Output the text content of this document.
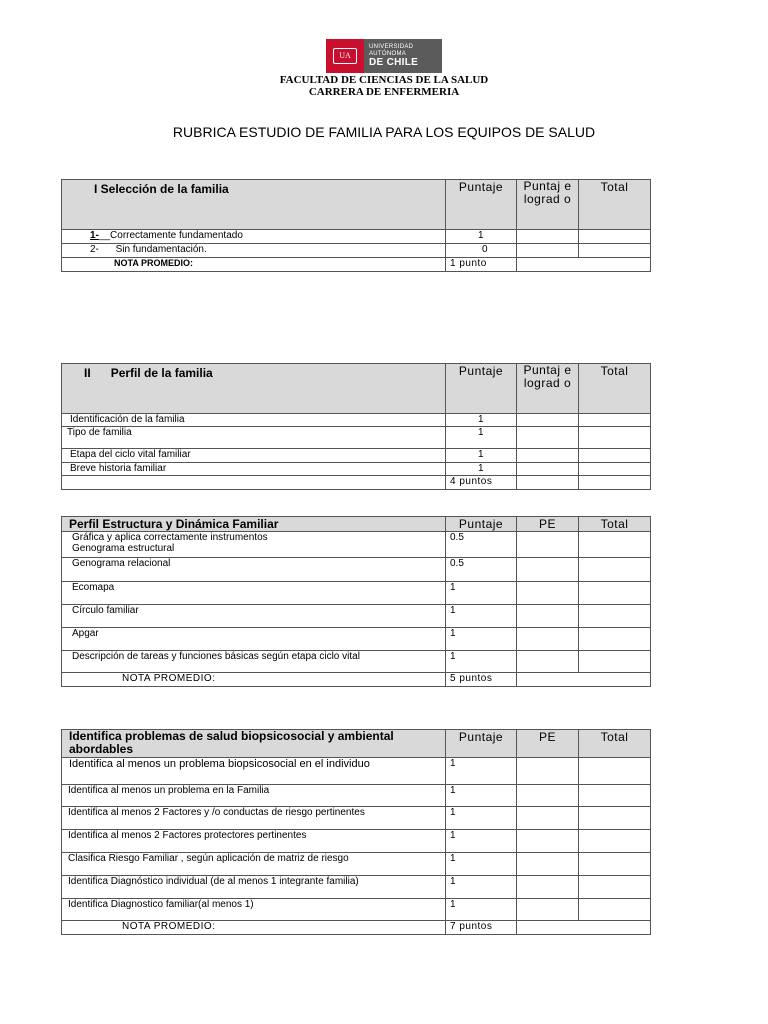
UA
UNIVERSIDAD
AUTÓNOMA
DE CHILE
FACULTAD DE CIENCIAS DE LA SALUD
CARRERA DE ENFERMERIA
RUBRICA ESTUDIO DE FAMILIA PARA LOS EQUIPOS DE SALUD
I Selección de la familia	Puntaje	Puntaj e lograd o	Total
1-__Correctamente fundamentado	1		
2- Sin fundamentación.	0		
NOTA PROMEDIO:	1 punto		
II Perfil de la familia	Puntaje	Puntaj e lograd o	Total
Identificación de la familia	1		
Tipo de familia	1		
Etapa del ciclo vital familiar	1		
Breve historia familiar	1		
	4 puntos		
Perfil Estructura y Dinámica Familiar	Puntaje	PE	Total

Gráfica y aplica correctamente instrumentos
Genograma estructural	0.5		
Genograma relacional	0.5		
Ecomapa	1		
Círculo familiar	1		
Apgar	1		
Descripción de tareas y funciones básicas según etapa ciclo vital	1		
NOTA PROMEDIO:	5 puntos		
Identifica problemas de salud biopsicosocial y ambiental abordables	Puntaje	PE	Total
Identifica al menos un problema biopsicosocial en el individuo	1		
Identifica al menos un problema en la Familia	1		
Identifica al menos 2 Factores y /o conductas de riesgo pertinentes	1		
Identifica al menos 2 Factores protectores pertinentes	1		
Clasifica Riesgo Familiar , según aplicación de matriz de riesgo	1		
Identifica Diagnóstico individual (de al menos 1 integrante familia)	1		
Identifica Diagnostico familiar(al menos 1)	1		
NOTA PROMEDIO:	7 puntos		
